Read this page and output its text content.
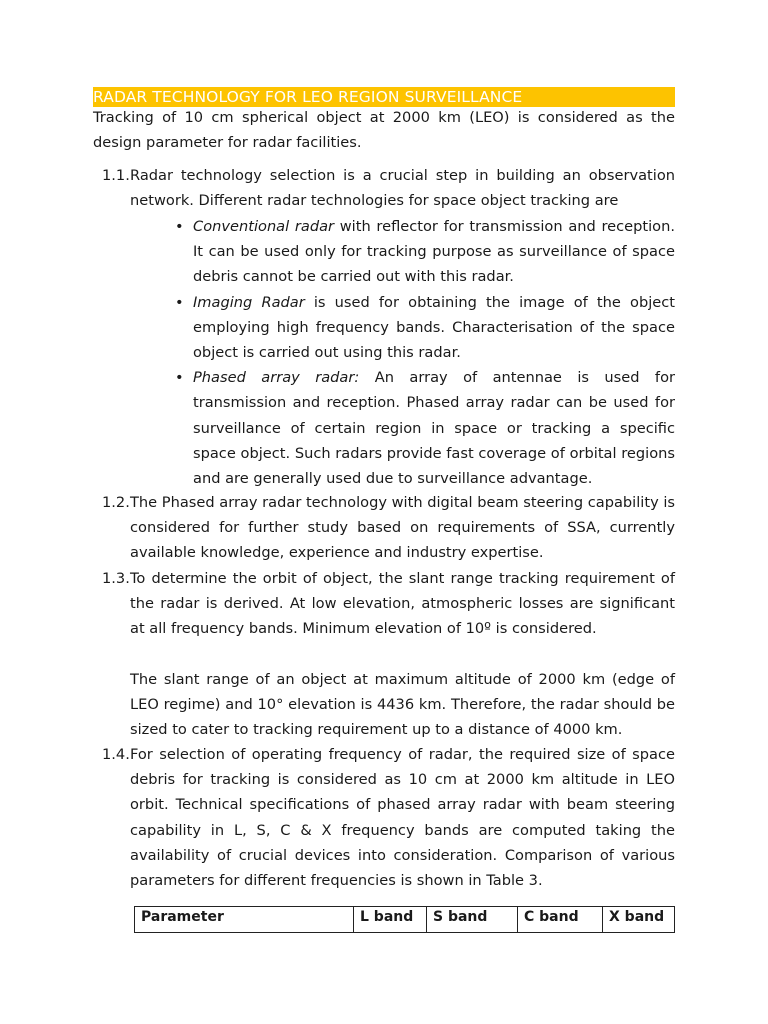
RADAR TECHNOLOGY FOR LEO REGION SURVEILLANCE
Tracking of 10 cm spherical object at 2000 km (LEO) is considered as the design parameter for radar facilities.
1.1. Radar technology selection is a crucial step in building an observation network. Different radar technologies for space object tracking are
• Conventional radar with reflector for transmission and reception. It can be used only for tracking purpose as surveillance of space debris cannot be carried out with this radar.
• Imaging Radar is used for obtaining the image of the object employing high frequency bands. Characterisation of the space object is carried out using this radar.
• Phased array radar: An array of antennae is used for transmission and reception. Phased array radar can be used for surveillance of certain region in space or tracking a specific space object. Such radars provide fast coverage of orbital regions and are generally used due to surveillance advantage.
1.2. The Phased array radar technology with digital beam steering capability is considered for further study based on requirements of SSA, currently available knowledge, experience and industry expertise.
1.3. To determine the orbit of object, the slant range tracking requirement of the radar is derived. At low elevation, atmospheric losses are significant at all frequency bands. Minimum elevation of 10º is considered.
The slant range of an object at maximum altitude of 2000 km (edge of LEO regime) and 10° elevation is 4436 km. Therefore, the radar should be sized to cater to tracking requirement up to a distance of 4000 km.
1.4. For selection of operating frequency of radar, the required size of space debris for tracking is considered as 10 cm at 2000 km altitude in LEO orbit. Technical specifications of phased array radar with beam steering capability in L, S, C & X frequency bands are computed taking the availability of crucial devices into consideration. Comparison of various parameters for different frequencies is shown in Table 3.
Parameter	L band	S band	C band	X band
